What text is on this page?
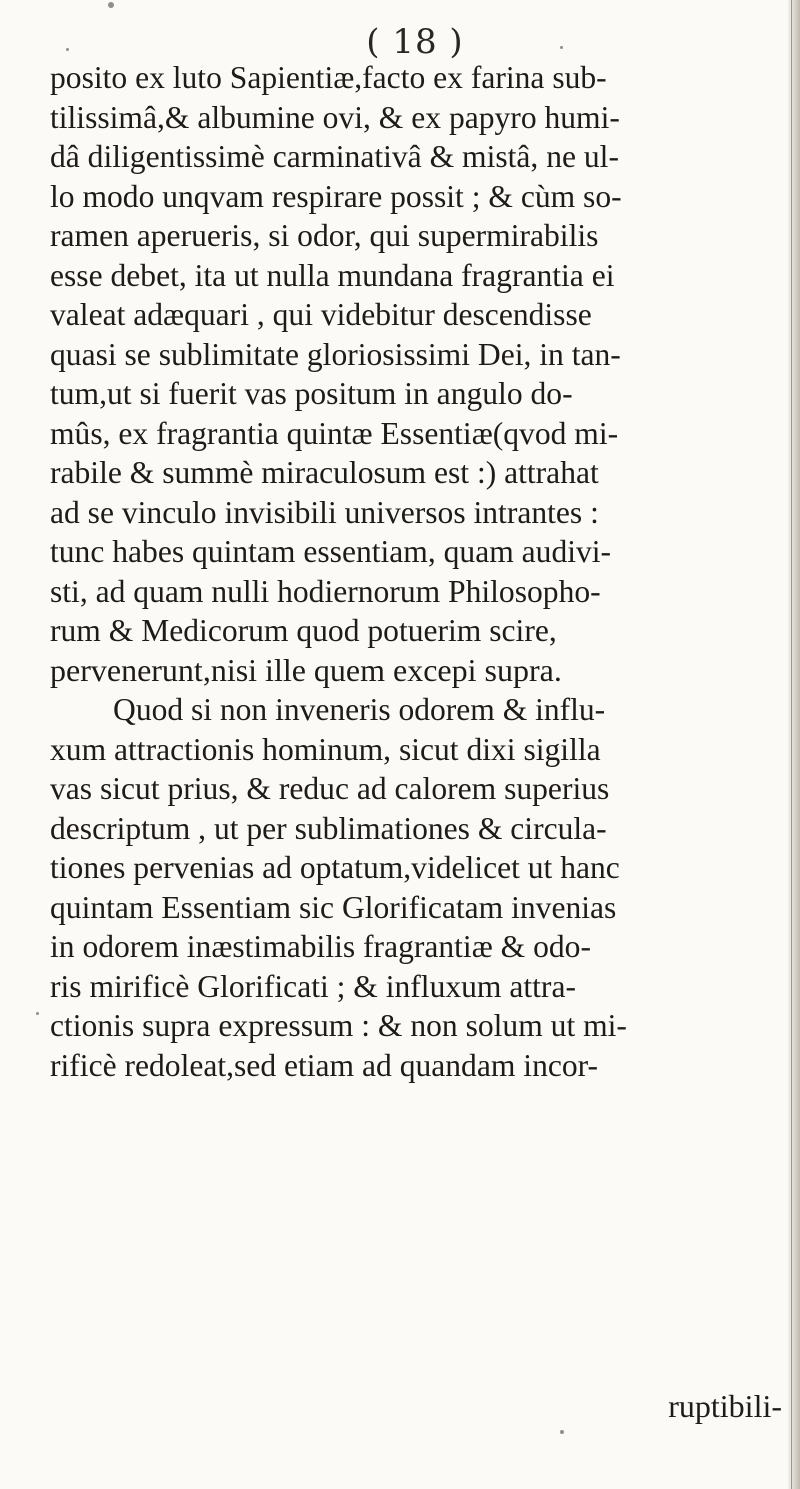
( 18 )
posito ex luto Sapientiæ,facto ex farina sub-
tilissimâ,& albumine ovi, & ex papyro humi-
dâ diligentissimè carminativâ & mistâ, ne ul-
lo modo unqvam respirare possit ; & cùm so-
ramen aperueris, si odor, qui supermirabilis
esse debet, ita ut nulla mundana fragrantia ei
valeat adæquari , qui videbitur descendisse
quasi se sublimitate gloriosissimi Dei, in tan-
tum,ut si fuerit vas positum in angulo do-
mûs, ex fragrantia quintæ Essentiæ(qvod mi-
rabile & summè miraculosum est :) attrahat
ad se vinculo invisibili universos intrantes :
tunc habes quintam essentiam, quam audivi-
sti, ad quam nulli hodiernorum Philosopho-
rum & Medicorum quod potuerim scire,
pervenerunt,nisi ille quem excepi supra.
Quod si non inveneris odorem & influ-
xum attractionis hominum, sicut dixi sigilla
vas sicut prius, & reduc ad calorem superius
descriptum , ut per sublimationes & circula-
tiones pervenias ad optatum,videlicet ut hanc
quintam Essentiam sic Glorificatam invenias
in odorem inæstimabilis fragrantiæ & odo-
ris mirificè Glorificati ; & influxum attra-
ctionis supra expressum : & non solum ut mi-
rificè redoleat,sed etiam ad quandam incor-
ruptibili-
